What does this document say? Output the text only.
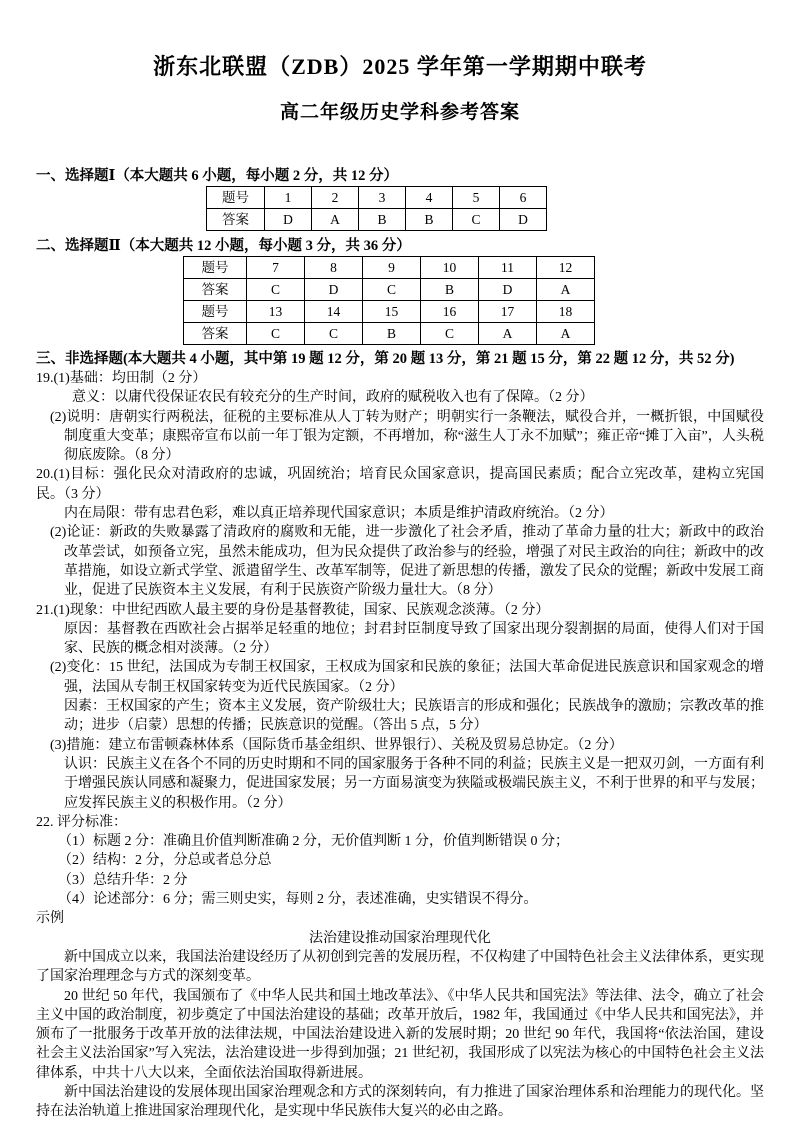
浙东北联盟（ZDB）2025 学年第一学期期中联考

高二年级历史学科参考答案

一、选择题Ⅰ（本大题共 6 小题，每小题 2 分，共 12 分）

题号	1	2	3	4	5	6
答案	D	A	B	B	C	D

二、选择题Ⅱ（本大题共 12 小题，每小题 3 分，共 36 分）

题号	7	8	9	10	11	12
答案	C	D	C	B	D	A
题号	13	14	15	16	17	18
答案	C	C	B	C	A	A

三、非选择题(本大题共 4 小题，其中第 19 题 12 分，第 20 题 13 分，第 21 题 15 分，第 22 题 12 分，共 52 分)

19.(1)基础：均田制（2 分）

意义：以庸代役保证农民有较充分的生产时间，政府的赋税收入也有了保障。（2 分）

(2)说明：唐朝实行两税法，征税的主要标准从人丁转为财产；明朝实行一条鞭法，赋役合并，一概折银，中国赋役制度重大变革；康熙帝宣布以前一年丁银为定额，不再增加，称“滋生人丁永不加赋”；雍正帝“摊丁入亩”，人头税彻底废除。（8 分）

20.(1)目标：强化民众对清政府的忠诚，巩固统治；培育民众国家意识，提高国民素质；配合立宪改革，建构立宪国民。（3 分）

内在局限：带有忠君色彩，难以真正培养现代国家意识；本质是维护清政府统治。（2 分）

(2)论证：新政的失败暴露了清政府的腐败和无能，进一步激化了社会矛盾，推动了革命力量的壮大；新政中的政治改革尝试，如预备立宪，虽然未能成功，但为民众提供了政治参与的经验，增强了对民主政治的向往；新政中的改革措施，如设立新式学堂、派遣留学生、改革军制等，促进了新思想的传播，激发了民众的觉醒；新政中发展工商业，促进了民族资本主义发展，有利于民族资产阶级力量壮大。（8 分）

21.(1)现象：中世纪西欧人最主要的身份是基督教徒，国家、民族观念淡薄。（2 分）

原因：基督教在西欧社会占据举足轻重的地位；封君封臣制度导致了国家出现分裂割据的局面，使得人们对于国家、民族的概念相对淡薄。（2 分）

(2)变化：15 世纪，法国成为专制王权国家，王权成为国家和民族的象征；法国大革命促进民族意识和国家观念的增强，法国从专制王权国家转变为近代民族国家。（2 分）

因素：王权国家的产生；资本主义发展，资产阶级壮大；民族语言的形成和强化；民族战争的激励；宗教改革的推动；进步（启蒙）思想的传播；民族意识的觉醒。（答出 5 点，5 分）

(3)措施：建立布雷顿森林体系（国际货币基金组织、世界银行）、关税及贸易总协定。（2 分）

认识：民族主义在各个不同的历史时期和不同的国家服务于各种不同的利益；民族主义是一把双刃剑，一方面有利于增强民族认同感和凝聚力，促进国家发展；另一方面易演变为狭隘或极端民族主义，不利于世界的和平与发展；应发挥民族主义的积极作用。（2 分）

22. 评分标准：

（1）标题 2 分：准确且价值判断准确 2 分，无价值判断 1 分，价值判断错误 0 分；

（2）结构：2 分，分总或者总分总

（3）总结升华：2 分

（4）论述部分：6 分；需三则史实，每则 2 分，表述准确，史实错误不得分。

示例

法治建设推动国家治理现代化

新中国成立以来，我国法治建设经历了从初创到完善的发展历程，不仅构建了中国特色社会主义法律体系，更实现了国家治理理念与方式的深刻变革。

20 世纪 50 年代，我国颁布了《中华人民共和国土地改革法》、《中华人民共和国宪法》等法律、法令，确立了社会主义中国的政治制度，初步奠定了中国法治建设的基础；改革开放后，1982 年，我国通过《中华人民共和国宪法》，并颁布了一批服务于改革开放的法律法规，中国法治建设进入新的发展时期；20 世纪 90 年代，我国将“依法治国，建设社会主义法治国家”写入宪法，法治建设进一步得到加强；21 世纪初，我国形成了以宪法为核心的中国特色社会主义法律体系，中共十八大以来，全面依法治国取得新进展。

新中国法治建设的发展体现出国家治理观念和方式的深刻转向，有力推进了国家治理体系和治理能力的现代化。坚持在法治轨道上推进国家治理现代化，是实现中华民族伟大复兴的必由之路。
